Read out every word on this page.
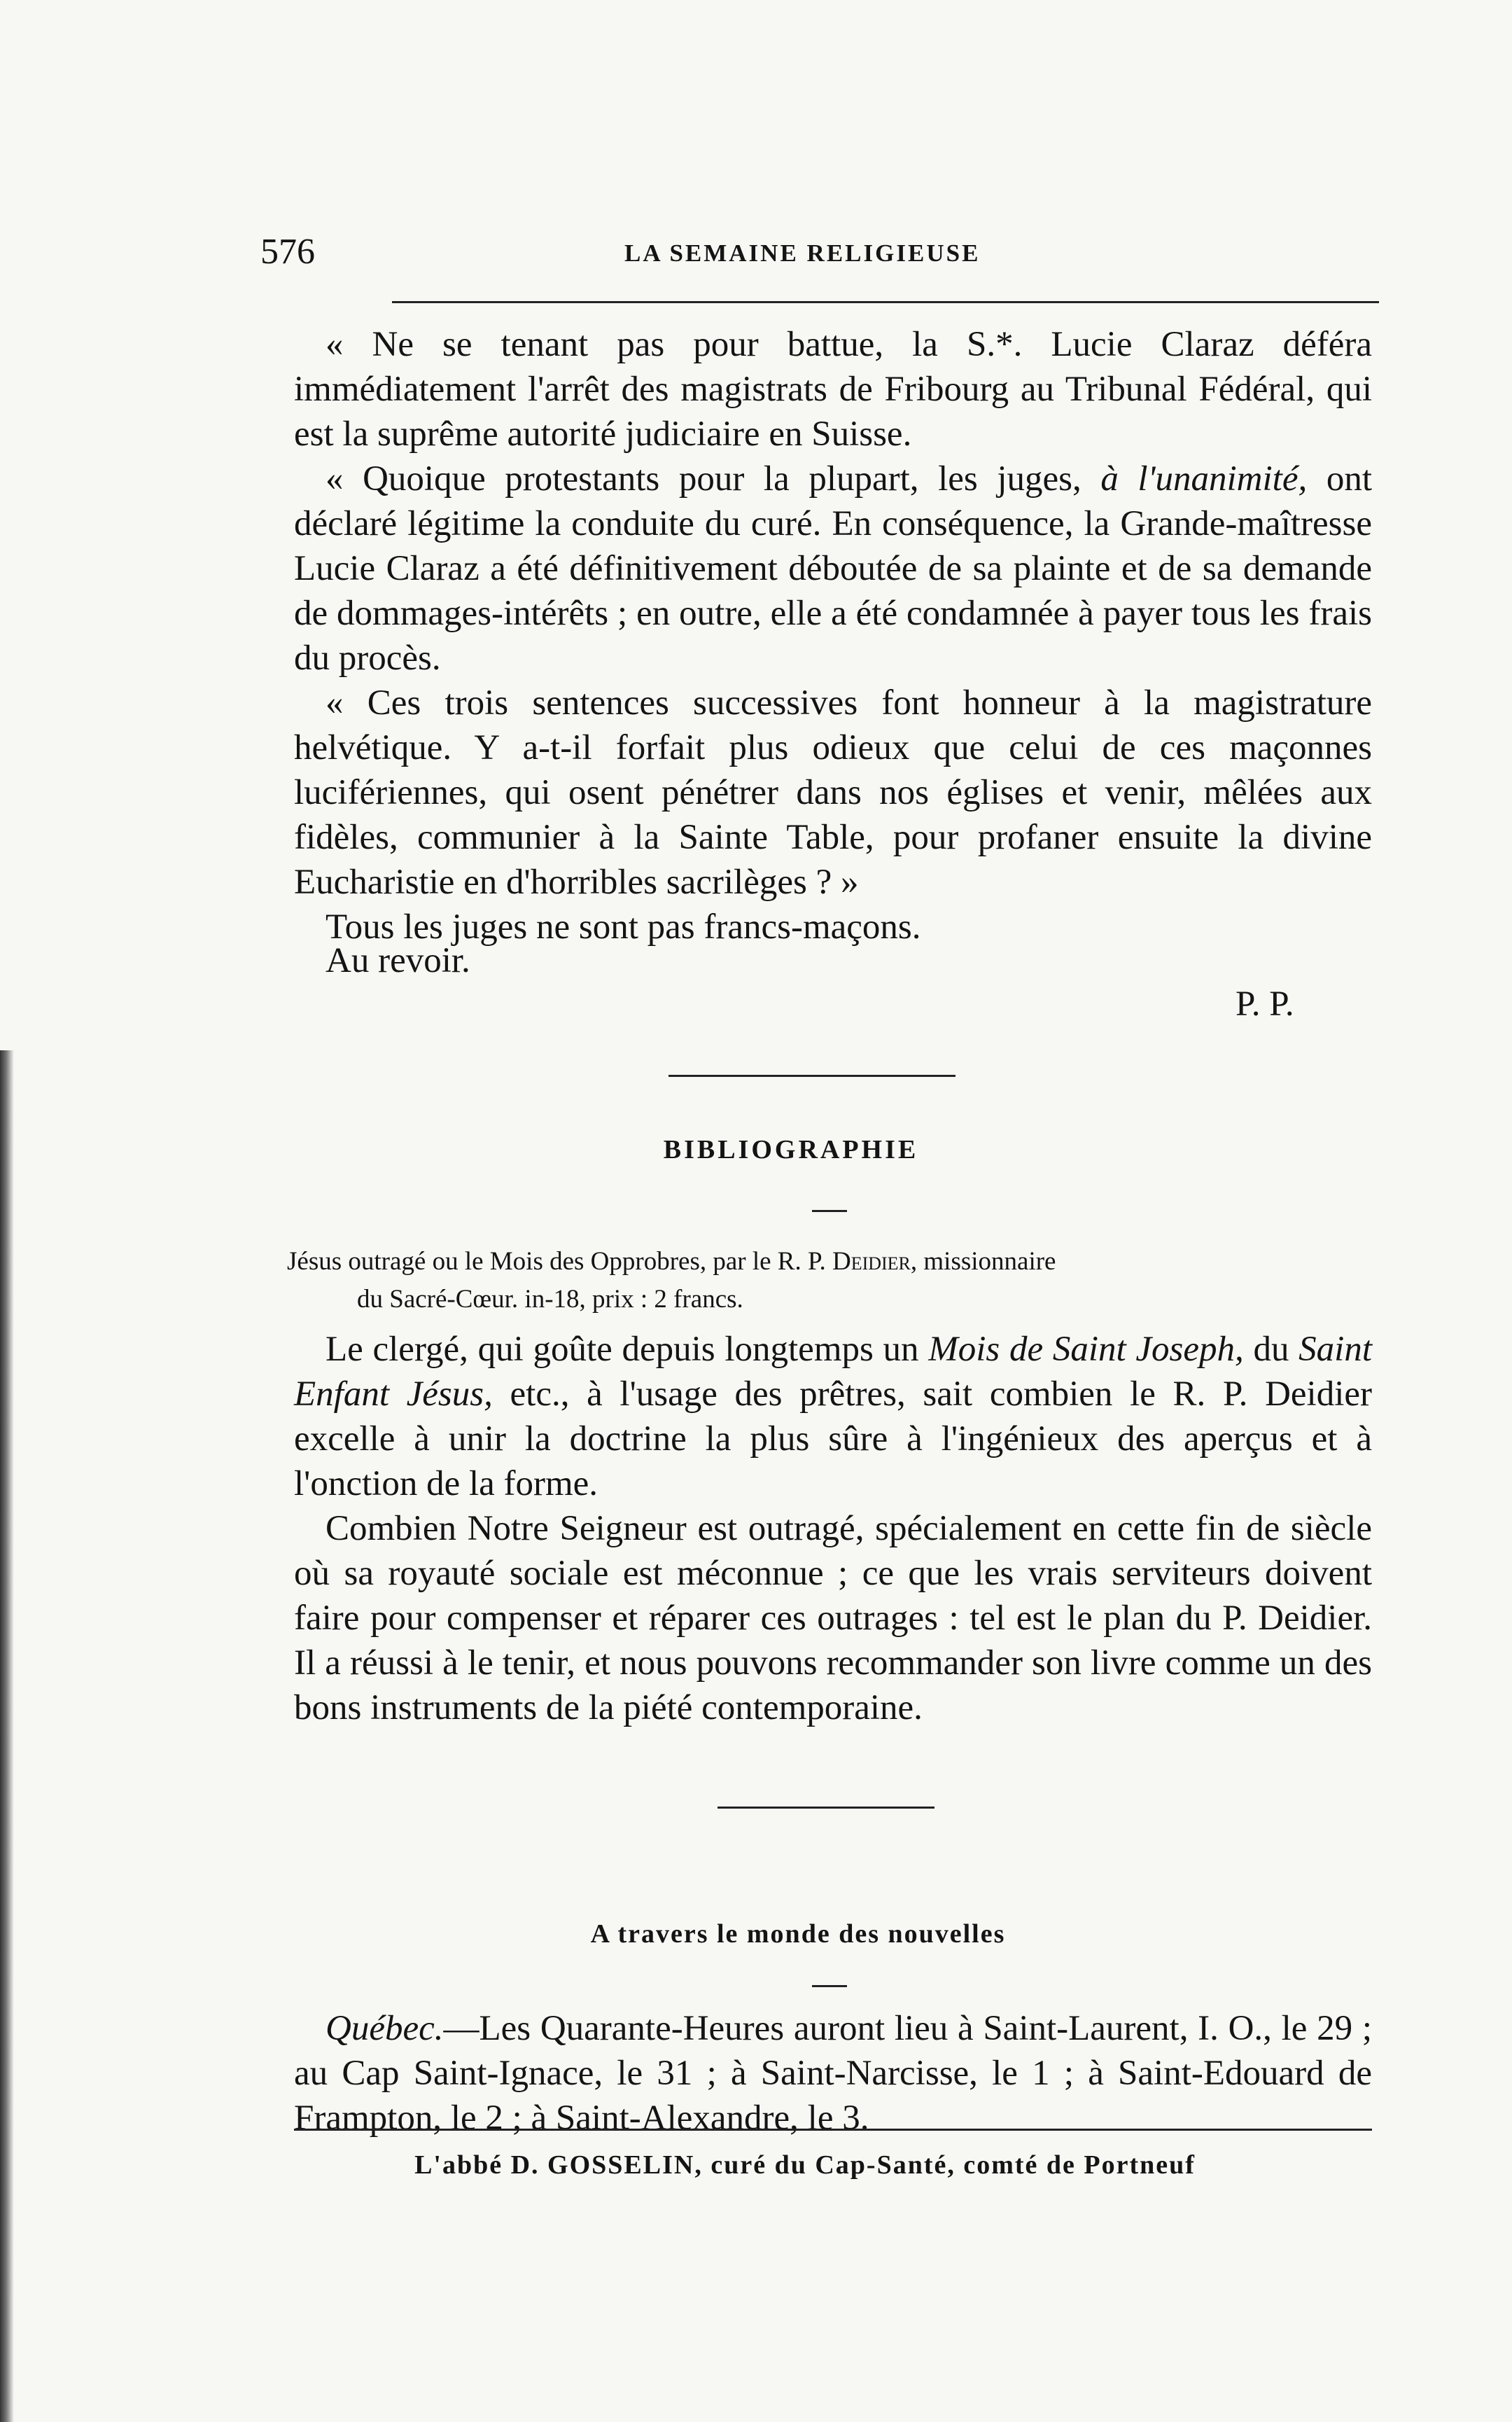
576	LA SEMAINE RELIGIEUSE

« Ne se tenant pas pour battue, la S.*. Lucie Claraz déféra immédiatement l'arrêt des magistrats de Fribourg au Tribunal Fédéral, qui est la suprême autorité judiciaire en Suisse.

« Quoique protestants pour la plupart, les juges, à l'unanimité, ont déclaré légitime la conduite du curé. En conséquence, la Grande-maîtresse Lucie Claraz a été définitivement déboutée de sa plainte et de sa demande de dommages-intérêts ; en outre, elle a été condamnée à payer tous les frais du procès.

« Ces trois sentences successives font honneur à la magistrature helvétique. Y a-t-il forfait plus odieux que celui de ces maçonnes lucifériennes, qui osent pénétrer dans nos églises et venir, mêlées aux fidèles, communier à la Sainte Table, pour profaner ensuite la divine Eucharistie en d'horribles sacrilèges ? »

Tous les juges ne sont pas francs-maçons.

Au revoir.
P. P.
BIBLIOGRAPHIE
Jésus outragé ou le Mois des Opprobres, par le R. P. Deidier, missionnaire
du Sacré-Cœur. in-18, prix : 2 francs.

Le clergé, qui goûte depuis longtemps un Mois de Saint Joseph, du Saint Enfant Jésus, etc., à l'usage des prêtres, sait combien le R. P. Deidier excelle à unir la doctrine la plus sûre à l'ingénieux des aperçus et à l'onction de la forme.

Combien Notre Seigneur est outragé, spécialement en cette fin de siècle où sa royauté sociale est méconnue ; ce que les vrais serviteurs doivent faire pour compenser et réparer ces outrages : tel est le plan du P. Deidier. Il a réussi à le tenir, et nous pouvons recommander son livre comme un des bons instruments de la piété contemporaine.

A travers le monde des nouvelles

Québec.—Les Quarante-Heures auront lieu à Saint-Laurent, I. O., le 29 ; au Cap Saint-Ignace, le 31 ; à Saint-Narcisse, le 1 ; à Saint-Edouard de Frampton, le 2 ; à Saint-Alexandre, le 3.

L'abbé D. GOSSELIN, curé du Cap-Santé, comté de Portneuf
